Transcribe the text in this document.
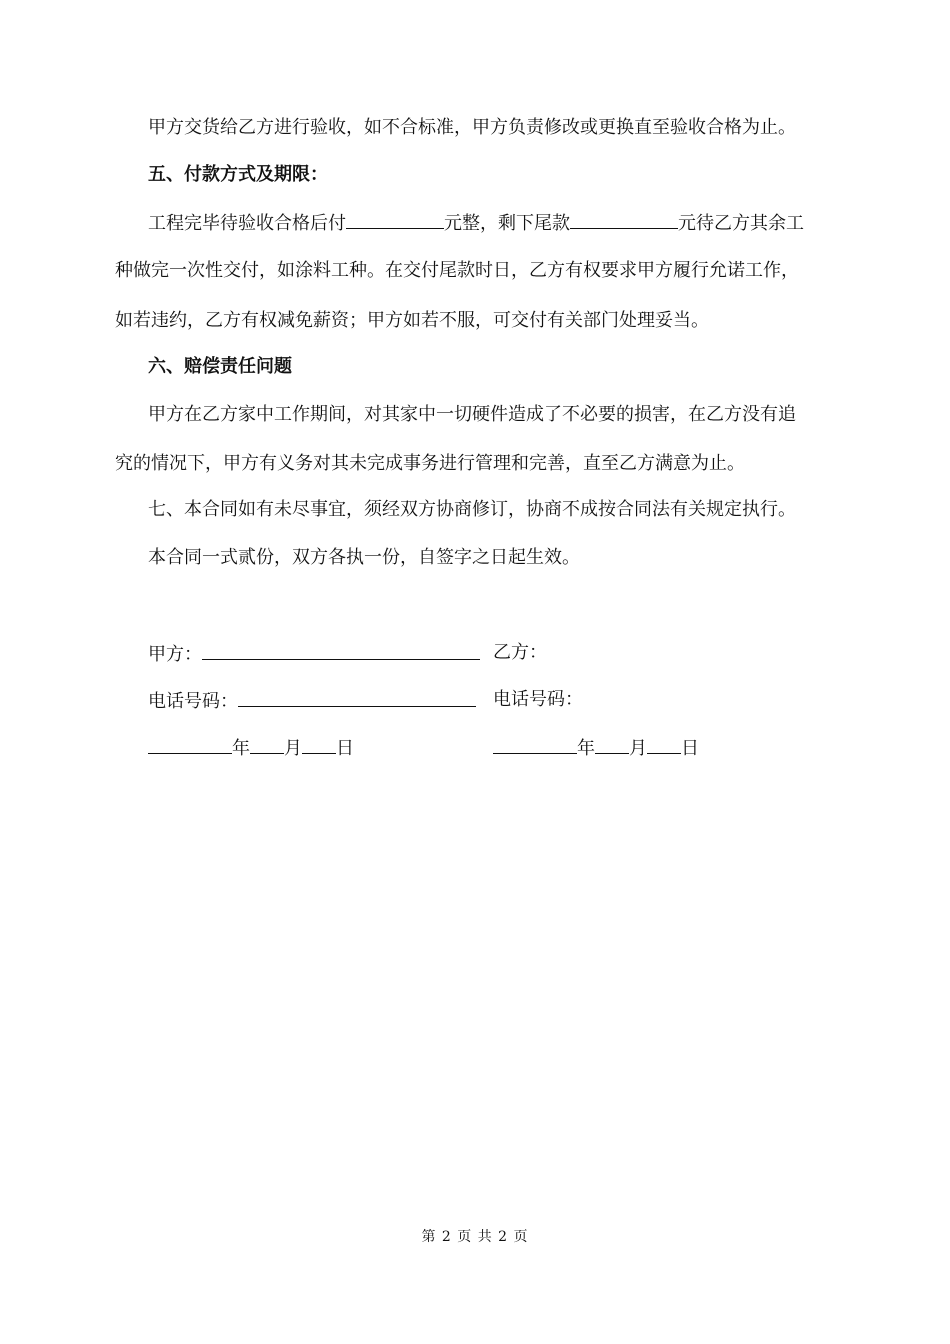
甲方交货给乙方进行验收，如不合标准，甲方负责修改或更换直至验收合格为止。
五、付款方式及期限：
工程完毕待验收合格后付	元整，剩下尾款	元待乙方其余工
种做完一次性交付，如涂料工种。在交付尾款时日，乙方有权要求甲方履行允诺工作，
如若违约，乙方有权减免薪资；甲方如若不服，可交付有关部门处理妥当。
六、赔偿责任问题
甲方在乙方家中工作期间，对其家中一切硬件造成了不必要的损害，在乙方没有追
究的情况下，甲方有义务对其未完成事务进行管理和完善，直至乙方满意为止。
七、本合同如有未尽事宜，须经双方协商修订，协商不成按合同法有关规定执行。
本合同一式贰份，双方各执一份，自签字之日起生效。
甲方：	乙方：
电话号码：	电话号码：
年 月 日	年 月 日
第 2 页 共 2 页
